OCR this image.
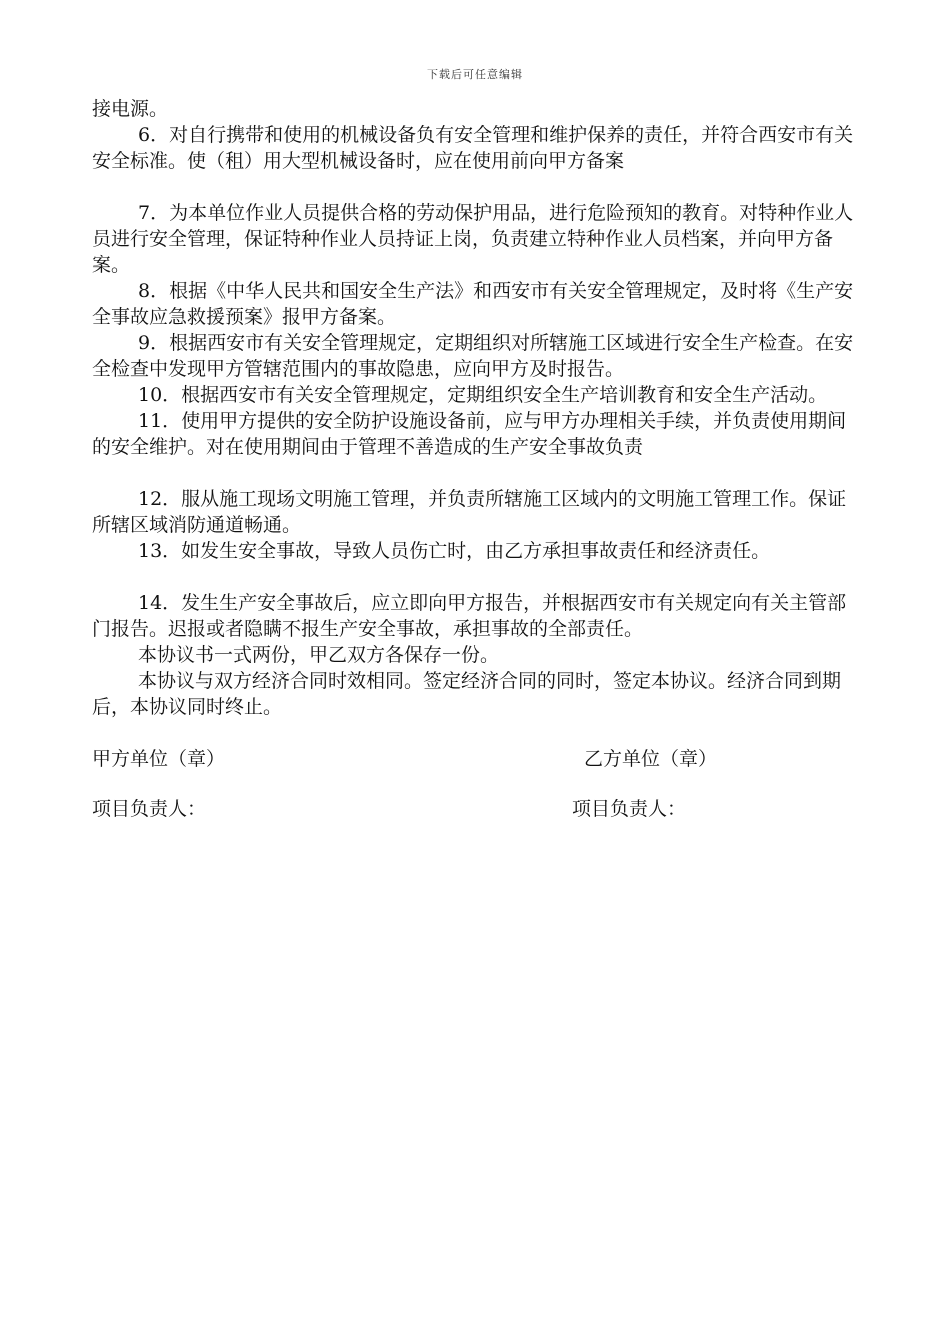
下载后可任意编辑

接电源。

6．对自行携带和使用的机械设备负有安全管理和维护保养的责任，并符合西安市有关安全标准。使（租）用大型机械设备时，应在使用前向甲方备案

7．为本单位作业人员提供合格的劳动保护用品，进行危险预知的教育。对特种作业人员进行安全管理，保证特种作业人员持证上岗，负责建立特种作业人员档案，并向甲方备案。

8．根据《中华人民共和国安全生产法》和西安市有关安全管理规定，及时将《生产安全事故应急救援预案》报甲方备案。

9．根据西安市有关安全管理规定，定期组织对所辖施工区域进行安全生产检查。在安全检查中发现甲方管辖范围内的事故隐患，应向甲方及时报告。

10．根据西安市有关安全管理规定，定期组织安全生产培训教育和安全生产活动。

11．使用甲方提供的安全防护设施设备前，应与甲方办理相关手续，并负责使用期间的安全维护。对在使用期间由于管理不善造成的生产安全事故负责

12．服从施工现场文明施工管理，并负责所辖施工区域内的文明施工管理工作。保证所辖区域消防通道畅通。

13．如发生安全事故，导致人员伤亡时，由乙方承担事故责任和经济责任。

14．发生生产安全事故后，应立即向甲方报告，并根据西安市有关规定向有关主管部门报告。迟报或者隐瞒不报生产安全事故，承担事故的全部责任。

本协议书一式两份，甲乙双方各保存一份。

本协议与双方经济合同时效相同。签定经济合同的同时，签定本协议。经济合同到期后，本协议同时终止。

甲方单位（章）	乙方单位（章）
项目负责人：	项目负责人：
